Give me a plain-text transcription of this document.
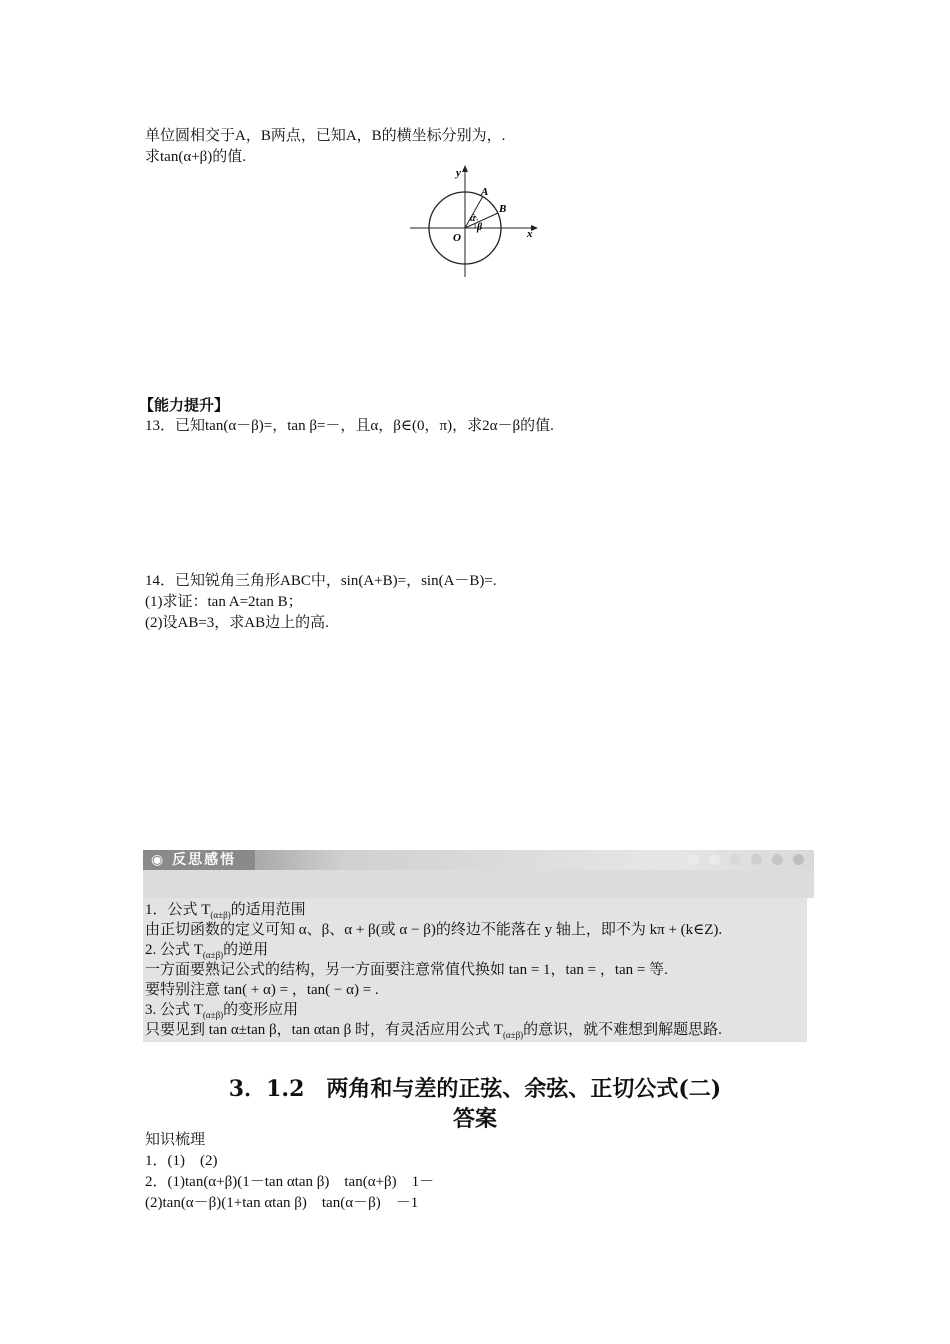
单位圆相交于A，B两点，已知A，B的横坐标分别为，.
求tan(α+β)的值.
y
x
O
A
B
α
β
【能力提升】
13．已知tan(α－β)=，tan β=－，且α，β∈(0，π)，求2α－β的值.
14．已知锐角三角形ABC中，sin(A+B)=，sin(A－B)=.
(1)求证：tan A=2tan B；
(2)设AB=3，求AB边上的高.
◉ 反思感悟
1．公式 $T_{(\alpha\pm\beta)}$的适用范围
由正切函数的定义可知 α、β、α + β(或 α − β)的终边不能落在 y 轴上，即不为 kπ + (k∈Z).
2. 公式 $T_{(\alpha\pm\beta)}$的逆用
一方面要熟记公式的结构，另一方面要注意常值代换如 tan = 1，tan = ，tan = 等.
要特别注意 tan( + α) = ，tan( − α) = .
3. 公式 $T_{(\alpha\pm\beta)}$的变形应用
只要见到 tan α±tan β，tan αtan β 时，有灵活应用公式 $T_{(\alpha\pm\beta)}$的意识，就不难想到解题思路.
3．1.2　两角和与差的正弦、余弦、正切公式(二)
答案
知识梳理
1．(1)　(2)
2．(1)tan(α+β)(1－tan αtan β)　tan(α+β)　1－
(2)tan(α－β)(1+tan αtan β)　tan(α－β)　－1
